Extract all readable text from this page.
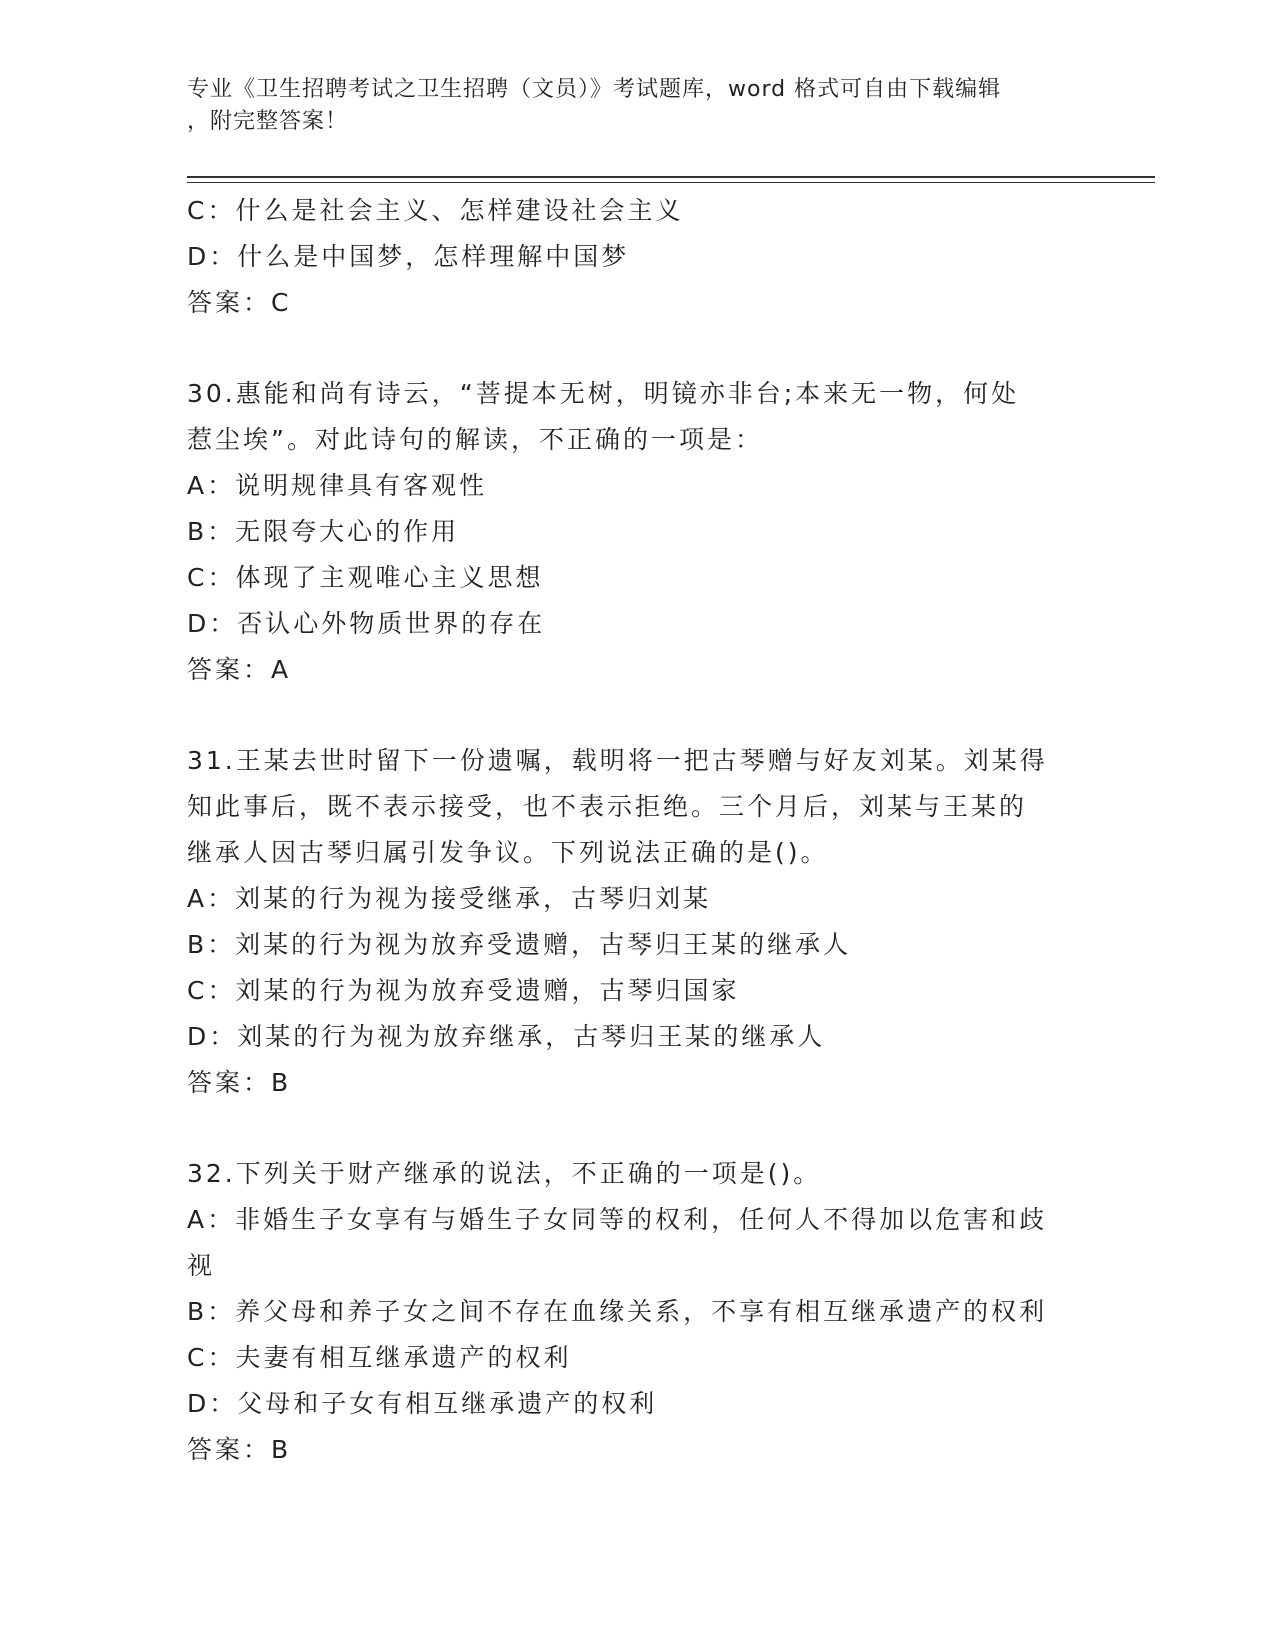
专业《卫生招聘考试之卫生招聘（文员）》考试题库，word 格式可自由下载编辑
，附完整答案！
C：什么是社会主义、怎样建设社会主义
D：什么是中国梦，怎样理解中国梦
答案：C
30.惠能和尚有诗云，“菩提本无树，明镜亦非台;本来无一物，何处
惹尘埃”。对此诗句的解读，不正确的一项是：
A：说明规律具有客观性
B：无限夸大心的作用
C：体现了主观唯心主义思想
D：否认心外物质世界的存在
答案：A
31.王某去世时留下一份遗嘱，载明将一把古琴赠与好友刘某。刘某得
知此事后，既不表示接受，也不表示拒绝。三个月后，刘某与王某的
继承人因古琴归属引发争议。下列说法正确的是()。
A：刘某的行为视为接受继承，古琴归刘某
B：刘某的行为视为放弃受遗赠，古琴归王某的继承人
C：刘某的行为视为放弃受遗赠，古琴归国家
D：刘某的行为视为放弃继承，古琴归王某的继承人
答案：B
32.下列关于财产继承的说法，不正确的一项是()。
A：非婚生子女享有与婚生子女同等的权利，任何人不得加以危害和歧
视
B：养父母和养子女之间不存在血缘关系，不享有相互继承遗产的权利
C：夫妻有相互继承遗产的权利
D：父母和子女有相互继承遗产的权利
答案：B
